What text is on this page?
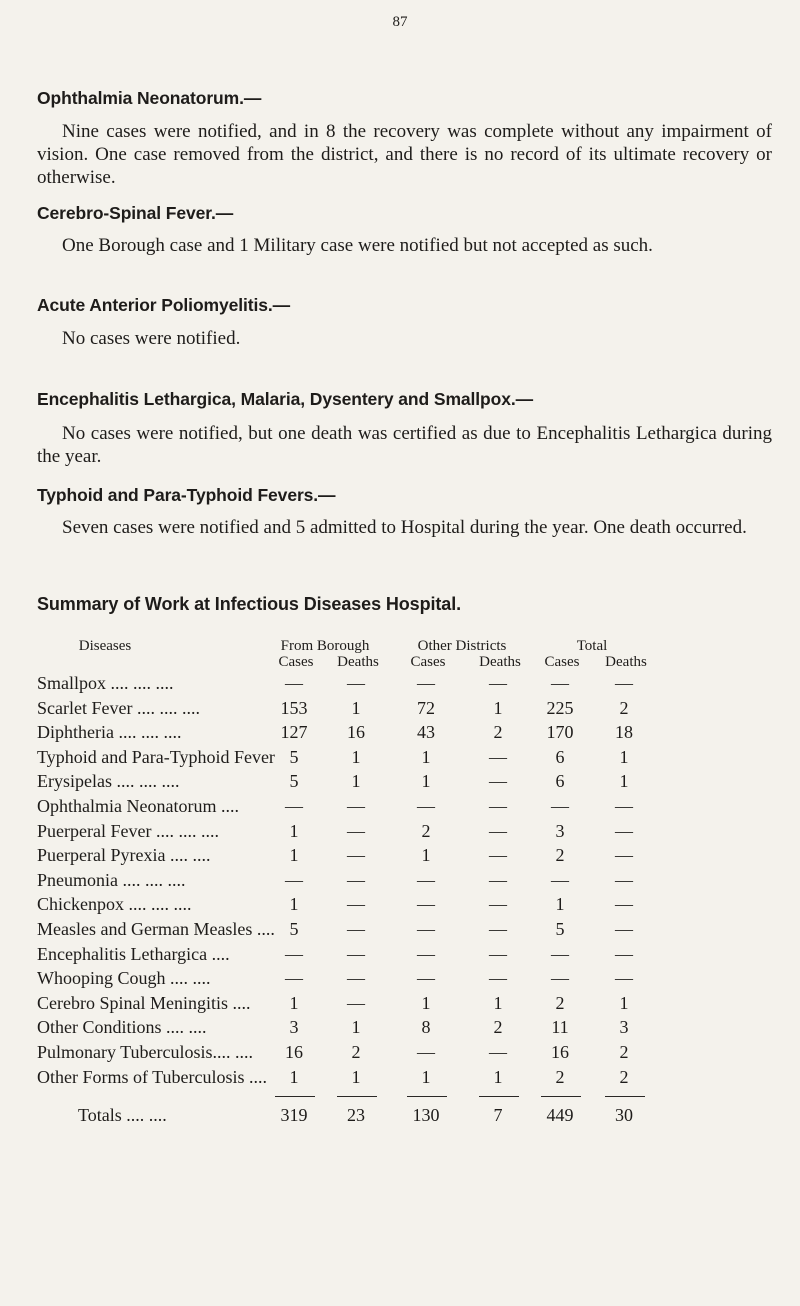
87
Ophthalmia Neonatorum.—
Nine cases were notified, and in 8 the recovery was complete without any impairment of vision. One case removed from the district, and there is no record of its ultimate recovery or otherwise.
Cerebro-Spinal Fever.—
One Borough case and 1 Military case were notified but not accepted as such.
Acute Anterior Poliomyelitis.—
No cases were notified.
Encephalitis Lethargica, Malaria, Dysentery and Smallpox.—
No cases were notified, but one death was certified as due to Encephalitis Lethargica during the year.
Typhoid and Para-Typhoid Fevers.—
Seven cases were notified and 5 admitted to Hospital during the year. One death occurred.
Summary of Work at Infectious Diseases Hospital.
Diseases	From Borough	Other Districts	Total
Cases	Deaths	Cases	Deaths	Cases	Deaths
Smallpox .... .... ....	—	—	—	—	—	—
Scarlet Fever .... .... ....	153	1	72	1	225	2
Diphtheria .... .... ....	127	16	43	2	170	18
Typhoid and Para-Typhoid Fever 5	1	1	—	6	1
Erysipelas .... .... ....	5	1	1	—	6	1
Ophthalmia Neonatorum ....	—	—	—	—	—	—
Puerperal Fever .... .... ....	1	—	2	—	3	—
Puerperal Pyrexia .... ....	1	—	1	—	2	—
Pneumonia .... .... ....	—	—	—	—	—	—
Chickenpox .... .... ....	1	—	—	—	1	—
Measles and German Measles .... 5	—	—	—	5	—
Encephalitis Lethargica ....	—	—	—	—	—	—
Whooping Cough .... ....	—	—	—	—	—	—
Cerebro Spinal Meningitis ....	1	—	1	1	2	1
Other Conditions .... ....	3	1	8	2	11	3
Pulmonary Tuberculosis.... ....	16	2	—	—	16	2
Other Forms of Tuberculosis ....	1	1	1	1	2	2
Totals .... ....	319	23	130	7	449	30
